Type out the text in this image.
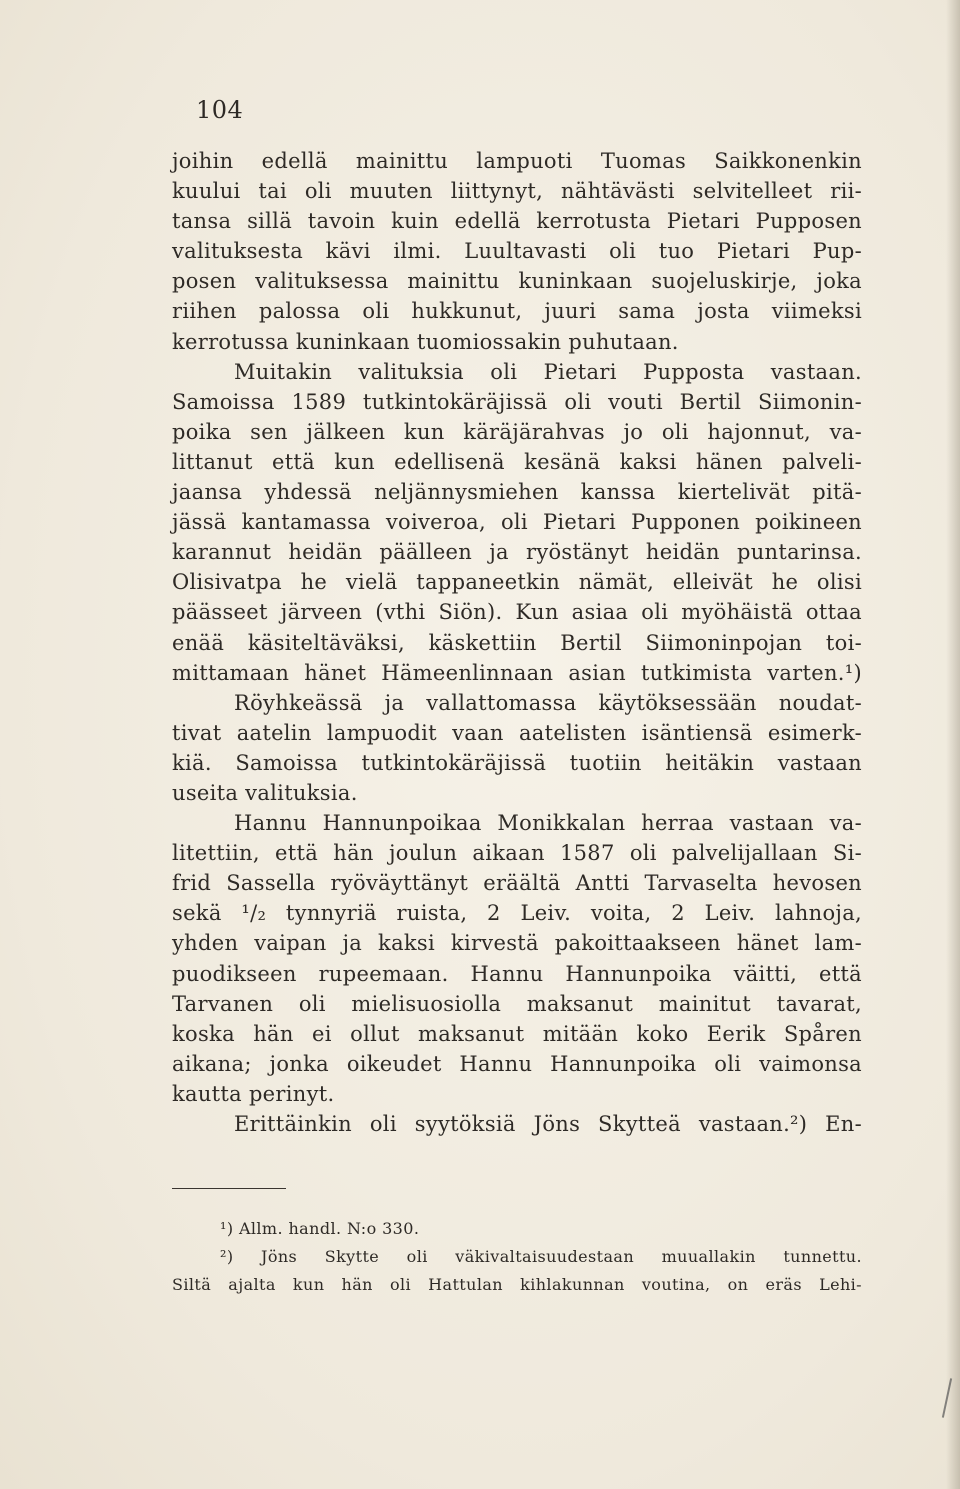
104
joihin edellä mainittu lampuoti Tuomas Saikkonenkin
kuului tai oli muuten liittynyt, nähtävästi selvitelleet rii-
tansa sillä tavoin kuin edellä kerrotusta Pietari Pupposen
valituksesta kävi ilmi. Luultavasti oli tuo Pietari Pup-
posen valituksessa mainittu kuninkaan suojeluskirje, joka
riihen palossa oli hukkunut, juuri sama josta viimeksi
kerrotussa kuninkaan tuomiossakin puhutaan.
Muitakin valituksia oli Pietari Pupposta vastaan.
Samoissa 1589 tutkintokäräjissä oli vouti Bertil Siimonin-
poika sen jälkeen kun käräjärahvas jo oli hajonnut, va-
littanut että kun edellisenä kesänä kaksi hänen palveli-
jaansa yhdessä neljännysmiehen kanssa kiertelivät pitä-
jässä kantamassa voiveroa, oli Pietari Pupponen poikineen
karannut heidän päälleen ja ryöstänyt heidän puntarinsa.
Olisivatpa he vielä tappaneetkin nämät, elleivät he olisi
päässeet järveen (vthi Siön). Kun asiaa oli myöhäistä ottaa
enää käsiteltäväksi, käskettiin Bertil Siimoninpojan toi-
mittamaan hänet Hämeenlinnaan asian tutkimista varten.¹)
Röyhkeässä ja vallattomassa käytöksessään noudat-
tivat aatelin lampuodit vaan aatelisten isäntiensä esimerk-
kiä. Samoissa tutkintokäräjissä tuotiin heitäkin vastaan
useita valituksia.
Hannu Hannunpoikaa Monikkalan herraa vastaan va-
litettiin, että hän joulun aikaan 1587 oli palvelijallaan Si-
frid Sassella ryöväyttänyt eräältä Antti Tarvaselta hevosen
sekä ¹/₂ tynnyriä ruista, 2 Leiv. voita, 2 Leiv. lahnoja,
yhden vaipan ja kaksi kirvestä pakoittaakseen hänet lam-
puodikseen rupeemaan. Hannu Hannunpoika väitti, että
Tarvanen oli mielisuosiolla maksanut mainitut tavarat,
koska hän ei ollut maksanut mitään koko Eerik Spåren
aikana; jonka oikeudet Hannu Hannunpoika oli vaimonsa
kautta perinyt.
Erittäinkin oli syytöksiä Jöns Skytteä vastaan.²) En-
¹) Allm. handl. N:o 330.
²) Jöns Skytte oli väkivaltaisuudestaan muuallakin tunnettu.
Siltä ajalta kun hän oli Hattulan kihlakunnan voutina, on eräs Lehi-
